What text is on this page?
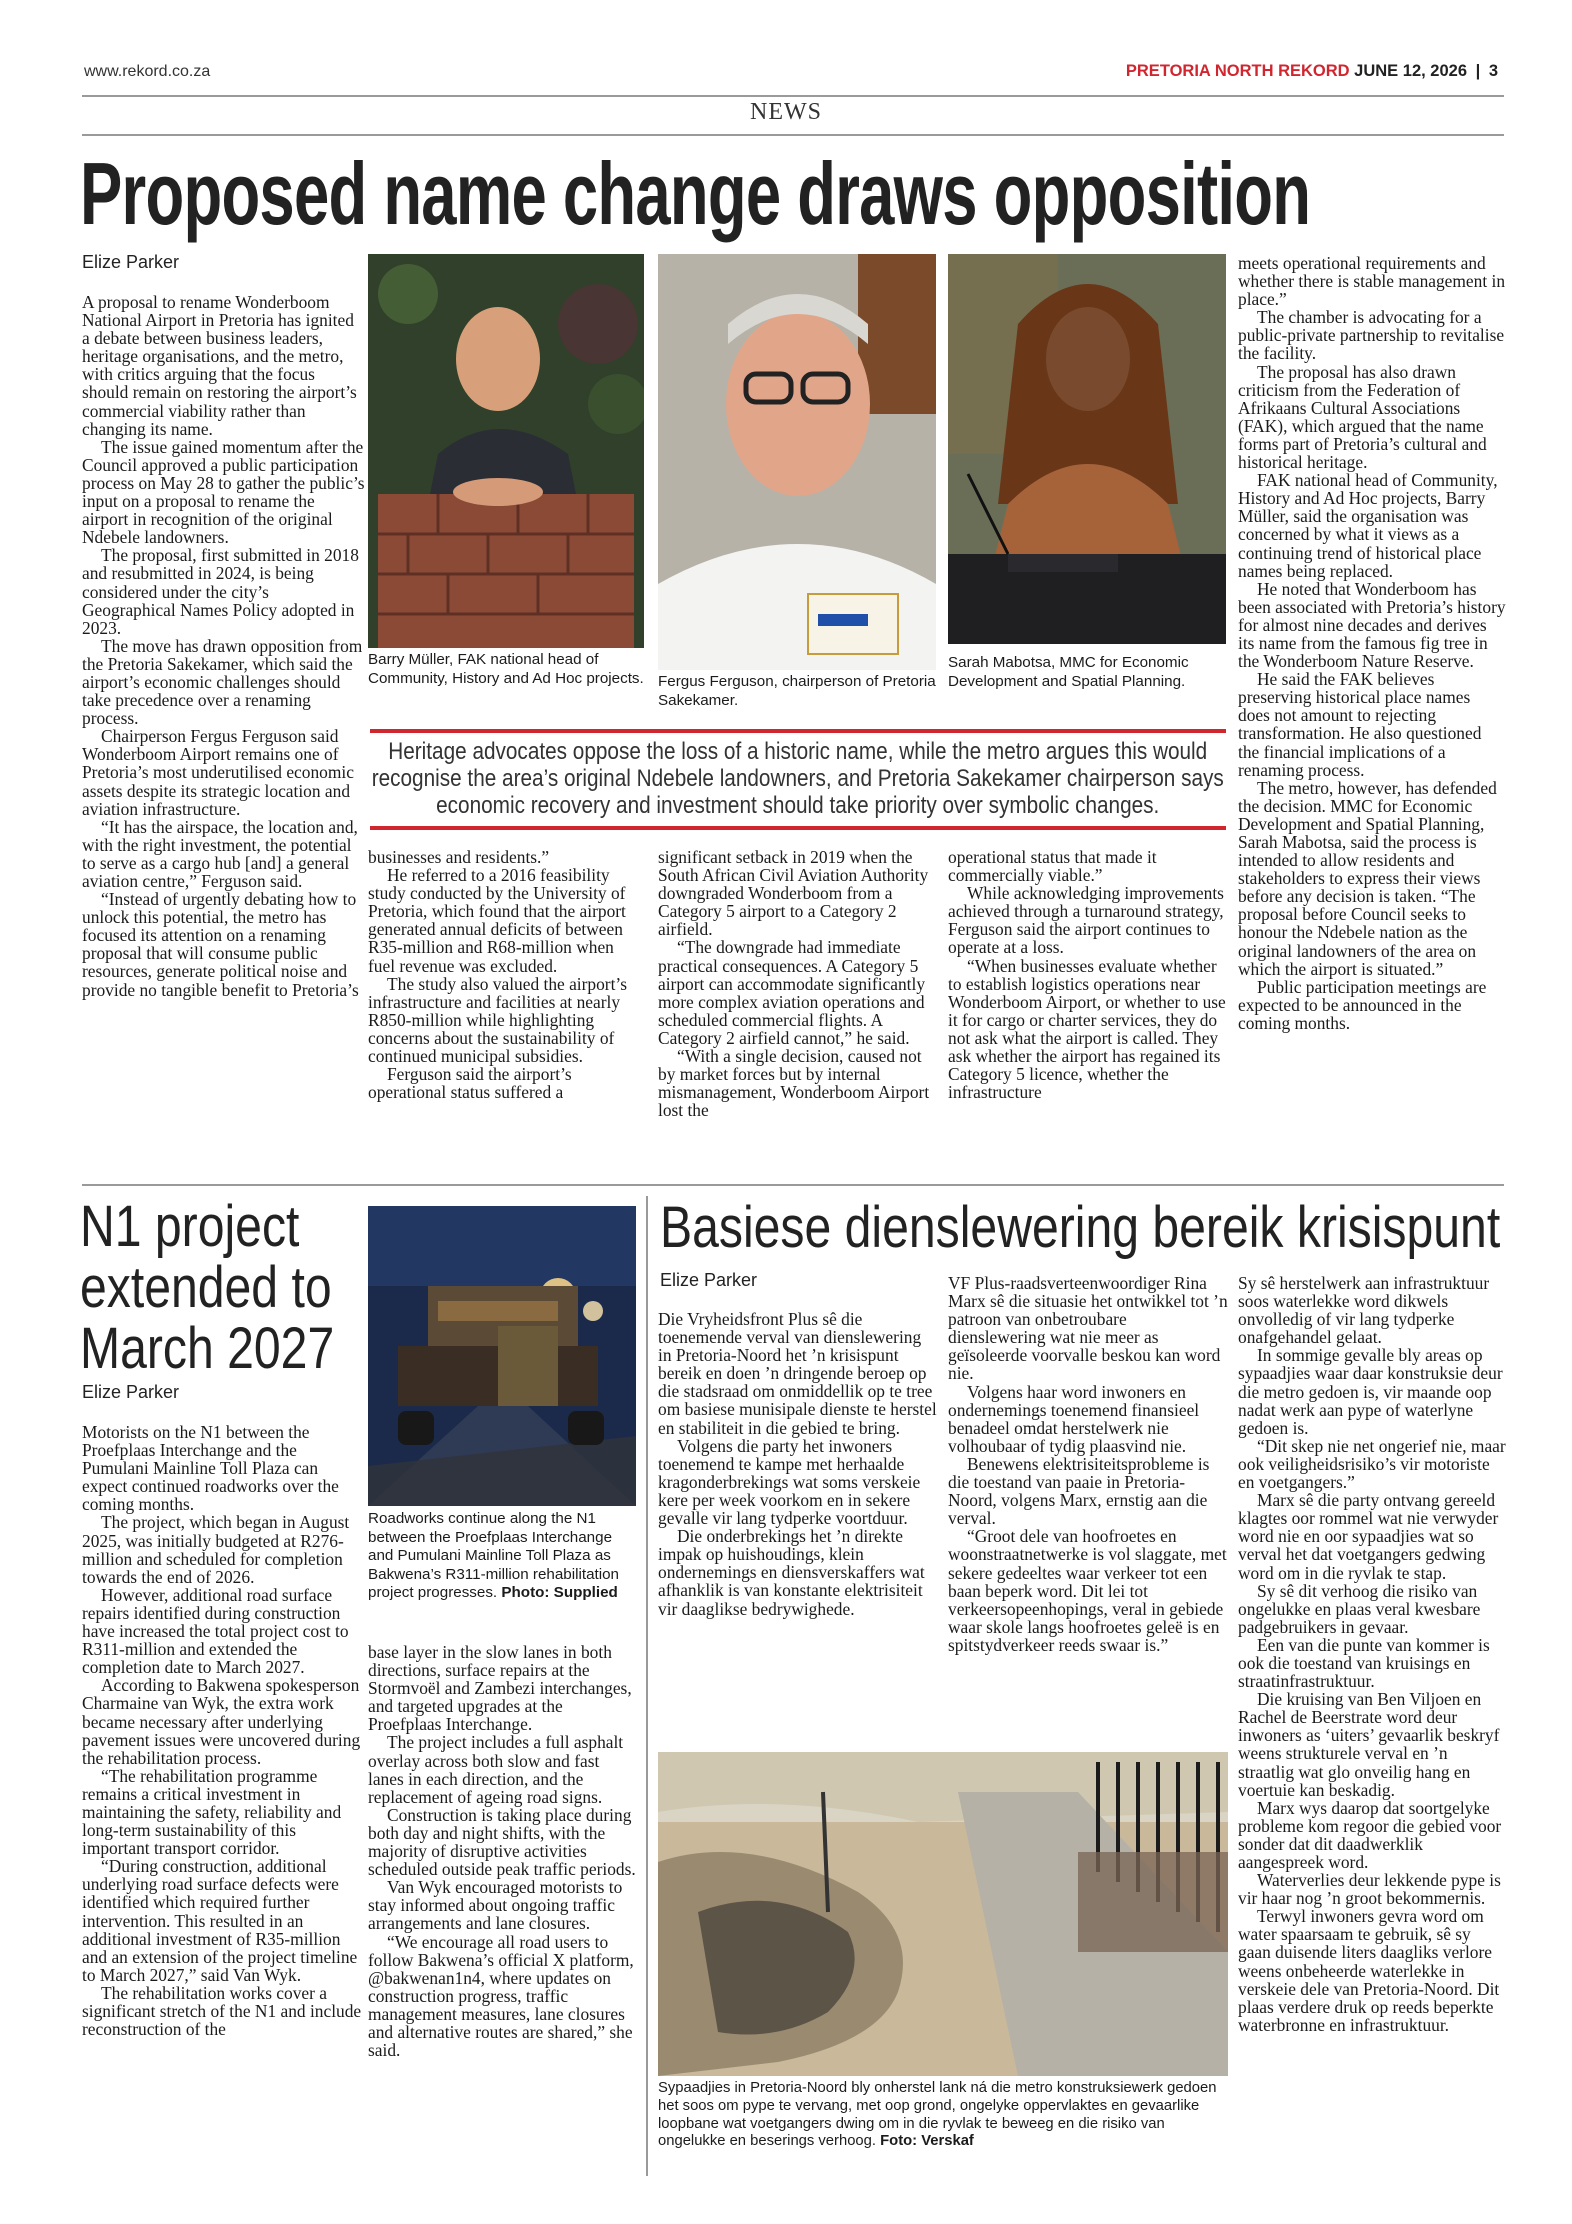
www.rekord.co.za	PRETORIA NORTH REKORD JUNE 12, 2026 | 3
NEWS
Proposed name change draws opposition
Elize Parker

A proposal to rename Wonderboom National Airport in Pretoria has ignited a debate between business leaders, heritage organisations, and the metro, with critics arguing that the focus should remain on restoring the airport’s commercial viability rather than changing its name.

The issue gained momentum after the Council approved a public participation process on May 28 to gather the public’s input on a proposal to rename the airport in recognition of the original Ndebele landowners.

The proposal, first submitted in 2018 and resubmitted in 2024, is being considered under the city’s Geographical Names Policy adopted in 2023.

The move has drawn opposition from the Pretoria Sakekamer, which said the airport’s economic challenges should take precedence over a renaming process.

Chairperson Fergus Ferguson said Wonderboom Airport remains one of Pretoria’s most underutilised economic assets despite its strategic location and aviation infrastructure.

“It has the airspace, the location and, with the right investment, the potential to serve as a cargo hub [and] a general aviation centre,” Ferguson said.

“Instead of urgently debating how to unlock this potential, the metro has focused its attention on a renaming proposal that will consume public resources, generate political noise and provide no tangible benefit to Pretoria’s

Barry Müller, FAK national head of Community, History and Ad Hoc projects. Fergus Ferguson, chairperson of Pretoria Sakekamer.
Sarah Mabotsa, MMC for Economic Development and Spatial Planning.
Heritage advocates oppose the loss of a historic name, while the metro argues this would recognise the area’s original Ndebele landowners, and Pretoria Sakekamer chairperson says economic recovery and investment should take priority over symbolic changes.

businesses and residents.”

He referred to a 2016 feasibility study conducted by the University of Pretoria, which found that the airport generated annual deficits of between R35-million and R68-million when fuel revenue was excluded.

The study also valued the airport’s infrastructure and facilities at nearly R850-million while highlighting concerns about the sustainability of continued municipal subsidies.

Ferguson said the airport’s operational status suffered a

significant setback in 2019 when the South African Civil Aviation Authority downgraded Wonderboom from a Category 5 airport to a Category 2 airfield.

“The downgrade had immediate practical consequences. A Category 5 airport can accommodate significantly more complex aviation operations and scheduled commercial flights. A Category 2 airfield cannot,” he said.

“With a single decision, caused not by market forces but by internal mismanagement, Wonderboom Airport lost the

operational status that made it commercially viable.”

While acknowledging improvements achieved through a turnaround strategy, Ferguson said the airport continues to operate at a loss.

“When businesses evaluate whether to establish logistics operations near Wonderboom Airport, or whether to use it for cargo or charter services, they do not ask what the airport is called. They ask whether the airport has regained its Category 5 licence, whether the infrastructure

meets operational requirements and whether there is stable management in place.”

The chamber is advocating for a public-private partnership to revitalise the facility.

The proposal has also drawn criticism from the Federation of Afrikaans Cultural Associations (FAK), which argued that the name forms part of Pretoria’s cultural and historical heritage.

FAK national head of Community, History and Ad Hoc projects, Barry Müller, said the organisation was concerned by what it views as a continuing trend of historical place names being replaced.

He noted that Wonderboom has been associated with Pretoria’s history for almost nine decades and derives its name from the famous fig tree in the Wonderboom Nature Reserve.

He said the FAK believes preserving historical place names does not amount to rejecting transformation. He also questioned the financial implications of a renaming process.

The metro, however, has defended the decision. MMC for Economic Development and Spatial Planning, Sarah Mabotsa, said the process is intended to allow residents and stakeholders to express their views before any decision is taken. “The proposal before Council seeks to honour the Ndebele nation as the original landowners of the area on which the airport is situated.”

Public participation meetings are expected to be announced in the coming months.

N1 project extended to March 2027
Elize Parker

Motorists on the N1 between the Proefplaas Interchange and the Pumulani Mainline Toll Plaza can expect continued roadworks over the coming months.

The project, which began in August 2025, was initially budgeted at R276-million and scheduled for completion towards the end of 2026.

However, additional road surface repairs identified during construction have increased the total project cost to R311-million and extended the completion date to March 2027.

According to Bakwena spokesperson Charmaine van Wyk, the extra work became necessary after underlying pavement issues were uncovered during the rehabilitation process.

“The rehabilitation programme remains a critical investment in maintaining the safety, reliability and long-term sustainability of this important transport corridor.

“During construction, additional underlying road surface defects were identified which required further intervention. This resulted in an additional investment of R35-million and an extension of the project timeline to March 2027,” said Van Wyk.

The rehabilitation works cover a significant stretch of the N1 and include reconstruction of the

Roadworks continue along the N1 between the Proefplaas Interchange and Pumulani Mainline Toll Plaza as Bakwena’s R311-million rehabilitation project progresses. Photo: Supplied

base layer in the slow lanes in both directions, surface repairs at the Stormvoël and Zambezi interchanges, and targeted upgrades at the Proefplaas Interchange.

The project includes a full asphalt overlay across both slow and fast lanes in each direction, and the replacement of ageing road signs.

Construction is taking place during both day and night shifts, with the majority of disruptive activities scheduled outside peak traffic periods.

Van Wyk encouraged motorists to stay informed about ongoing traffic arrangements and lane closures.

“We encourage all road users to follow Bakwena’s official X platform, @bakwenan1n4, where updates on construction progress, traffic management measures, lane closures and alternative routes are shared,” she said.

Basiese dienslewering bereik krisispunt
Elize Parker

Die Vryheidsfront Plus sê die toenemende verval van dienslewering in Pretoria-Noord het ’n krisispunt bereik en doen ’n dringende beroep op die stadsraad om onmiddellik op te tree om basiese munisipale dienste te herstel en stabiliteit in die gebied te bring.

Volgens die party het inwoners toenemend te kampe met herhaalde kragonderbrekings wat soms verskeie kere per week voorkom en in sekere gevalle vir lang tydperke voortduur.

Die onderbrekings het ’n direkte impak op huishoudings, klein ondernemings en diensverskaffers wat afhanklik is van konstante elektrisiteit vir daaglikse bedrywighede.

VF Plus-raadsverteenwoordiger Rina Marx sê die situasie het ontwikkel tot ’n patroon van onbetroubare dienslewering wat nie meer as geïsoleerde voorvalle beskou kan word nie.

Volgens haar word inwoners en ondernemings toenemend finansieel benadeel omdat herstelwerk nie volhoubaar of tydig plaasvind nie.

Benewens elektrisiteitsprobleme is die toestand van paaie in Pretoria-Noord, volgens Marx, ernstig aan die verval.

“Groot dele van hoofroetes en woonstraatnetwerke is vol slaggate, met sekere gedeeltes waar verkeer tot een baan beperk word. Dit lei tot verkeersopeenhopings, veral in gebiede waar skole langs hoofroetes geleë is en spitstydverkeer reeds swaar is.”

Sypaadjies in Pretoria-Noord bly onherstel lank ná die metro konstruksiewerk gedoen het soos om pype te vervang, met oop grond, ongelyke oppervlaktes en gevaarlike loopbane wat voetgangers dwing om in die ryvlak te beweeg en die risiko van ongelukke en beserings verhoog. Foto: Verskaf

Sy sê herstelwerk aan infrastruktuur soos waterlekke word dikwels onvolledig of vir lang tydperke onafgehandel gelaat.

In sommige gevalle bly areas op sypaadjies waar daar konstruksie deur die metro gedoen is, vir maande oop nadat werk aan pype of waterlyne gedoen is.

“Dit skep nie net ongerief nie, maar ook veiligheidsrisiko’s vir motoriste en voetgangers.”

Marx sê die party ontvang gereeld klagtes oor rommel wat nie verwyder word nie en oor sypaadjies wat so verval het dat voetgangers gedwing word om in die ryvlak te stap.

Sy sê dit verhoog die risiko van ongelukke en plaas veral kwesbare padgebruikers in gevaar.

Een van die punte van kommer is ook die toestand van kruisings en straatinfrastruktuur.

Die kruising van Ben Viljoen en Rachel de Beerstrate word deur inwoners as ‘uiters’ gevaarlik beskryf weens strukturele verval en ’n straatlig wat glo onveilig hang en voertuie kan beskadig.

Marx wys daarop dat soortgelyke probleme kom regoor die gebied voor sonder dat dit daadwerklik aangespreek word.

Waterverlies deur lekkende pype is vir haar nog ’n groot bekommernis.

Terwyl inwoners gevra word om water spaarsaam te gebruik, sê sy gaan duisende liters daagliks verlore weens onbeheerde waterlekke in verskeie dele van Pretoria-Noord. Dit plaas verdere druk op reeds beperkte waterbronne en infrastruktuur.
